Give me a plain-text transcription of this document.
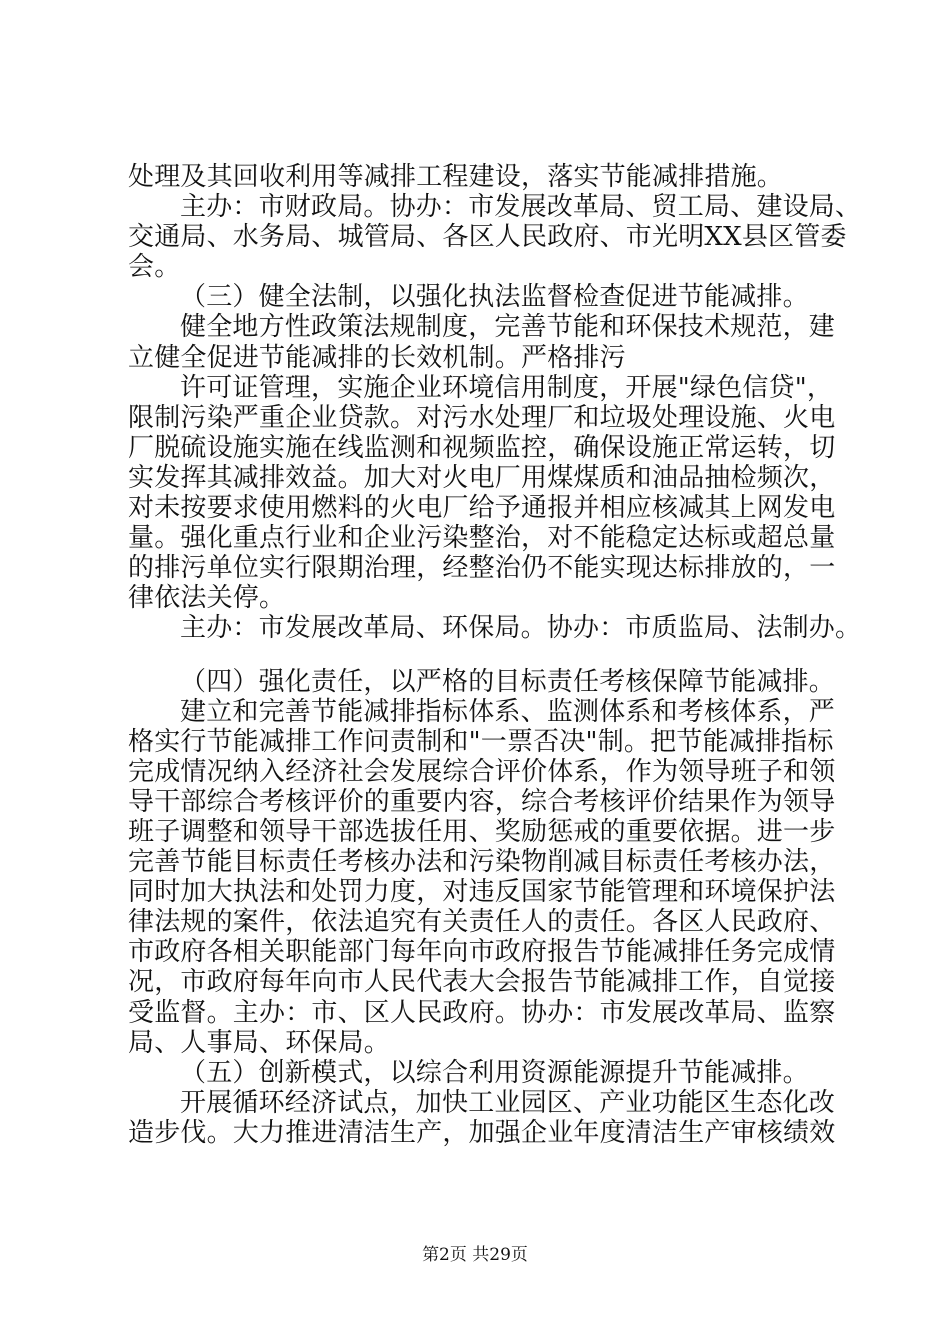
处理及其回收利用等减排工程建设，落实节能减排措施。
主办：市财政局。协办：市发展改革局、贸工局、建设局、
交通局、水务局、城管局、各区人民政府、市光明XX县区管委
会。
（三）健全法制，以强化执法监督检查促进节能减排。
健全地方性政策法规制度，完善节能和环保技术规范，建
立健全促进节能减排的长效机制。严格排污
许可证管理，实施企业环境信用制度，开展"绿色信贷"，
限制污染严重企业贷款。对污水处理厂和垃圾处理设施、火电
厂脱硫设施实施在线监测和视频监控，确保设施正常运转，切
实发挥其减排效益。加大对火电厂用煤煤质和油品抽检频次，
对未按要求使用燃料的火电厂给予通报并相应核减其上网发电
量。强化重点行业和企业污染整治，对不能稳定达标或超总量
的排污单位实行限期治理，经整治仍不能实现达标排放的，一
律依法关停。
主办：市发展改革局、环保局。协办：市质监局、法制办。
（四）强化责任，以严格的目标责任考核保障节能减排。
建立和完善节能减排指标体系、监测体系和考核体系，严
格实行节能减排工作问责制和"一票否决"制。把节能减排指标
完成情况纳入经济社会发展综合评价体系，作为领导班子和领
导干部综合考核评价的重要内容，综合考核评价结果作为领导
班子调整和领导干部选拔任用、奖励惩戒的重要依据。进一步
完善节能目标责任考核办法和污染物削减目标责任考核办法，
同时加大执法和处罚力度，对违反国家节能管理和环境保护法
律法规的案件，依法追究有关责任人的责任。各区人民政府、
市政府各相关职能部门每年向市政府报告节能减排任务完成情
况，市政府每年向市人民代表大会报告节能减排工作，自觉接
受监督。主办：市、区人民政府。协办：市发展改革局、监察
局、人事局、环保局。
（五）创新模式，以综合利用资源能源提升节能减排。
开展循环经济试点，加快工业园区、产业功能区生态化改
造步伐。大力推进清洁生产，加强企业年度清洁生产审核绩效
第2页 共29页
